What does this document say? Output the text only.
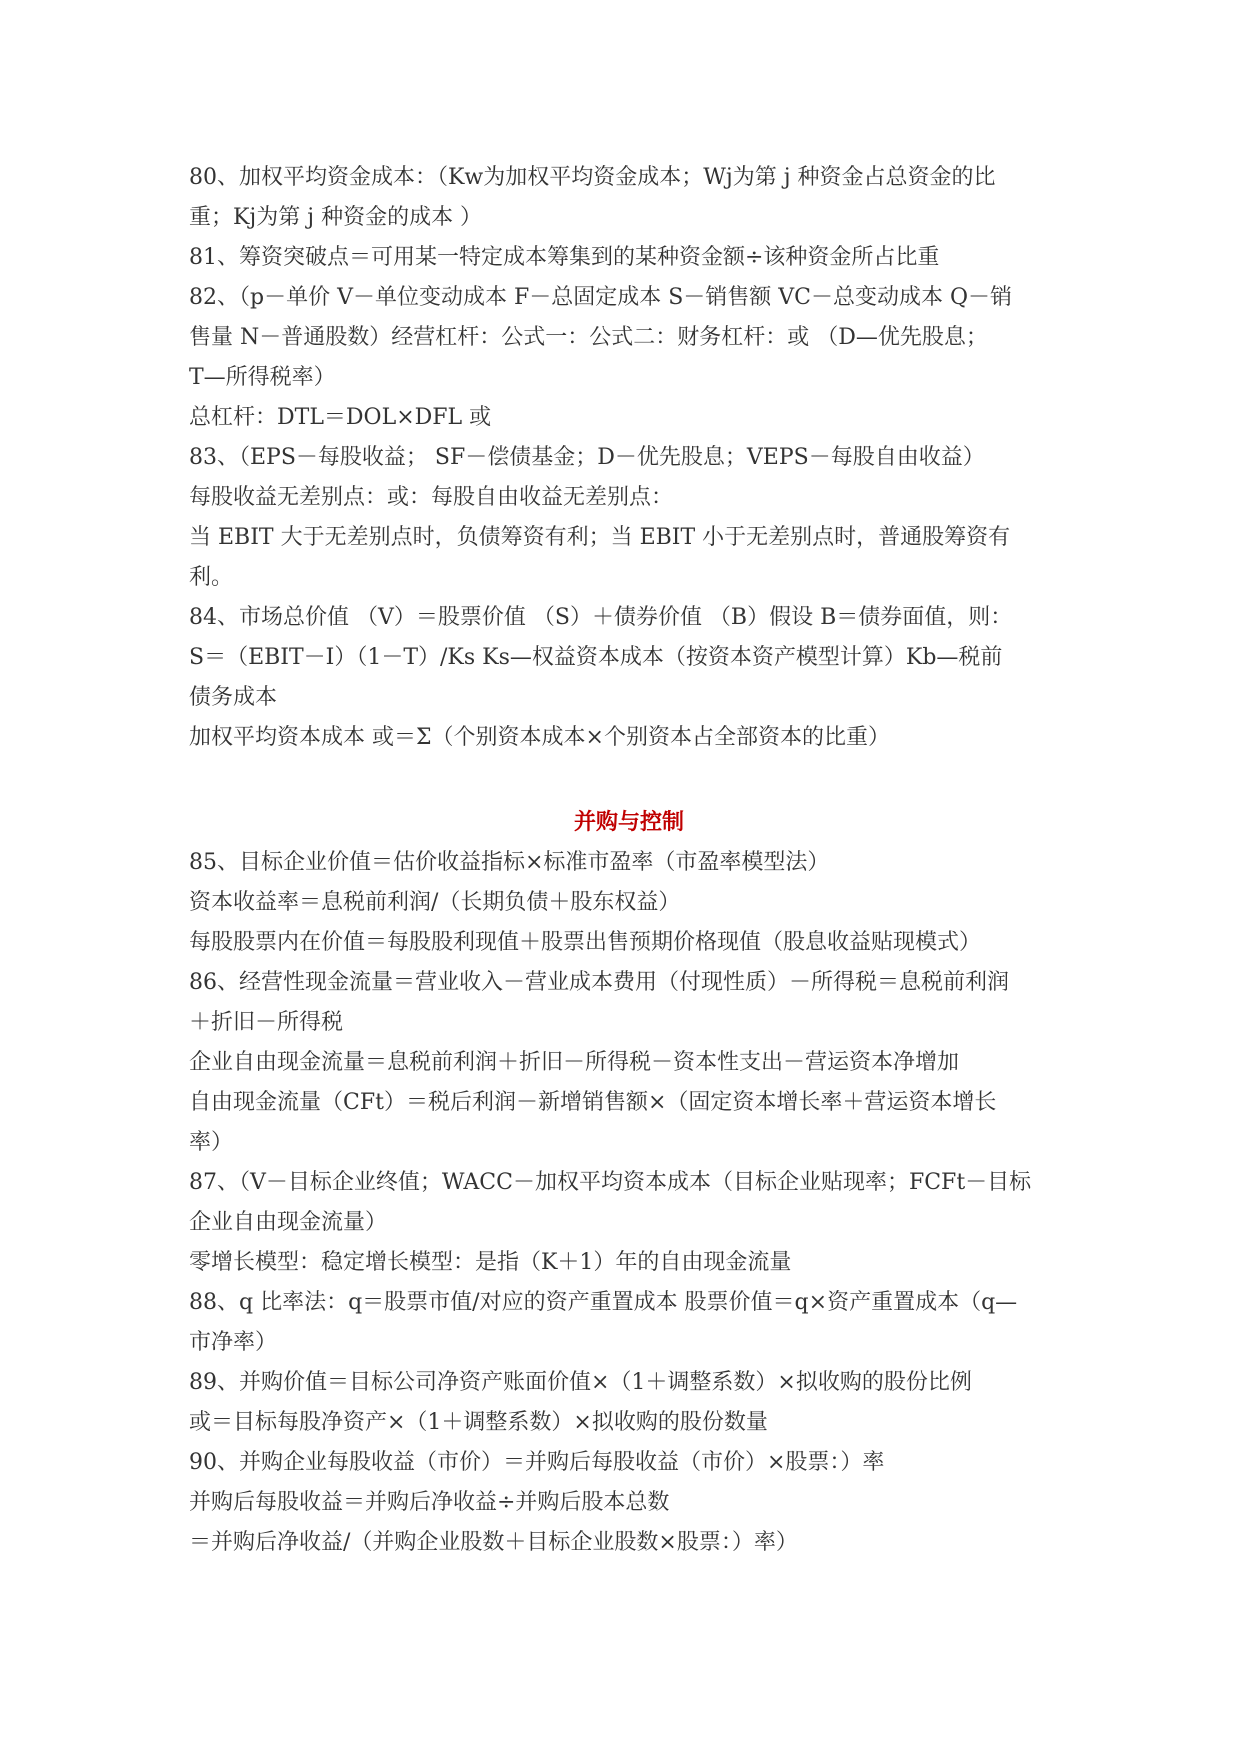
80、加权平均资金成本：（Kw为加权平均资金成本；Wj为第 j 种资金占总资金的比
重；Kj为第 j 种资金的成本 ）
81、筹资突破点＝可用某一特定成本筹集到的某种资金额÷该种资金所占比重
82、（p－单价 V－单位变动成本 F－总固定成本 S－销售额 VC－总变动成本 Q－销
售量 N－普通股数）经营杠杆：公式一：公式二：财务杠杆：或 （D—优先股息；
T—所得税率）
总杠杆：DTL＝DOL×DFL 或
83、（EPS－每股收益； SF－偿债基金；D－优先股息；VEPS－每股自由收益）
每股收益无差别点：或：每股自由收益无差别点：
当 EBIT 大于无差别点时，负债筹资有利；当 EBIT 小于无差别点时，普通股筹资有
利。
84、市场总价值 （V）＝股票价值 （S）＋债券价值 （B）假设 B＝债券面值，则：
S＝（EBIT－I）（1－T）/Ks Ks—权益资本成本（按资本资产模型计算）Kb—税前
债务成本
加权平均资本成本 或＝Σ（个别资本成本×个别资本占全部资本的比重）
并购与控制
85、目标企业价值＝估价收益指标×标准市盈率（市盈率模型法）
资本收益率＝息税前利润/（长期负债＋股东权益）
每股股票内在价值＝每股股利现值＋股票出售预期价格现值（股息收益贴现模式）
86、经营性现金流量＝营业收入－营业成本费用（付现性质）－所得税＝息税前利润
＋折旧－所得税
企业自由现金流量＝息税前利润＋折旧－所得税－资本性支出－营运资本净增加
自由现金流量（CFt）＝税后利润－新增销售额×（固定资本增长率＋营运资本增长
率）
87、（V－目标企业终值；WACC－加权平均资本成本（目标企业贴现率；FCFt－目标
企业自由现金流量）
零增长模型：稳定增长模型：是指（K＋1）年的自由现金流量
88、q 比率法：q＝股票市值/对应的资产重置成本 股票价值＝q×资产重置成本（q—
市净率）
89、并购价值＝目标公司净资产账面价值×（1＋调整系数）×拟收购的股份比例
或＝目标每股净资产×（1＋调整系数）×拟收购的股份数量
90、并购企业每股收益（市价）＝并购后每股收益（市价）×股票：）率
并购后每股收益＝并购后净收益÷并购后股本总数
＝并购后净收益/（并购企业股数＋目标企业股数×股票：）率）
